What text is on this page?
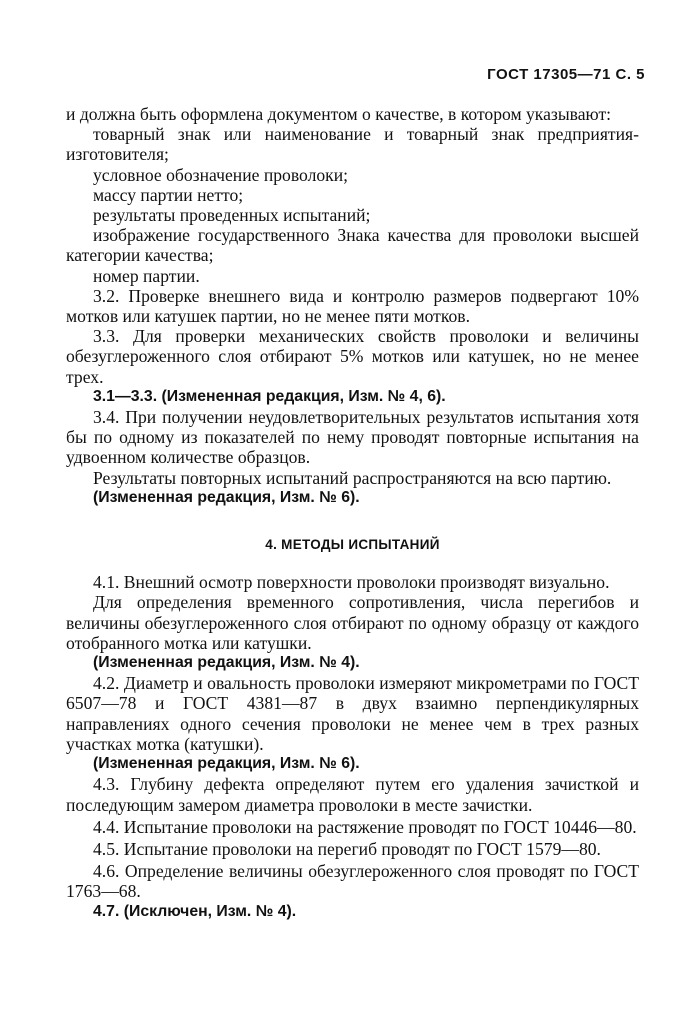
ГОСТ 17305—71 С. 5
и должна быть оформлена документом о качестве, в котором указывают:
товарный знак или наименование и товарный знак предприятия-изготовителя;
условное обозначение проволоки;
массу партии нетто;
результаты проведенных испытаний;
изображение государственного Знака качества для проволоки высшей категории качества;
номер партии.
3.2. Проверке внешнего вида и контролю размеров подвергают 10% мотков или катушек партии, но не менее пяти мотков.
3.3. Для проверки механических свойств проволоки и величины обезуглероженного слоя отбирают 5% мотков или катушек, но не менее трех.
3.1—3.3. (Измененная редакция, Изм. № 4, 6).
3.4. При получении неудовлетворительных результатов испытания хотя бы по одному из показателей по нему проводят повторные испытания на удвоенном количестве образцов.
Результаты повторных испытаний распространяются на всю партию.
(Измененная редакция, Изм. № 6).
4. МЕТОДЫ ИСПЫТАНИЙ
4.1. Внешний осмотр поверхности проволоки производят визуально.
Для определения временного сопротивления, числа перегибов и величины обезуглероженного слоя отбирают по одному образцу от каждого отобранного мотка или катушки.
(Измененная редакция, Изм. № 4).
4.2. Диаметр и овальность проволоки измеряют микрометрами по ГОСТ 6507—78 и ГОСТ 4381—87 в двух взаимно перпендикулярных направлениях одного сечения проволоки не менее чем в трех разных участках мотка (катушки).
(Измененная редакция, Изм. № 6).
4.3. Глубину дефекта определяют путем его удаления зачисткой и последующим замером диаметра проволоки в месте зачистки.
4.4. Испытание проволоки на растяжение проводят по ГОСТ 10446—80.
4.5. Испытание проволоки на перегиб проводят по ГОСТ 1579—80.
4.6. Определение величины обезуглероженного слоя проводят по ГОСТ 1763—68.
4.7. (Исключен, Изм. № 4).
